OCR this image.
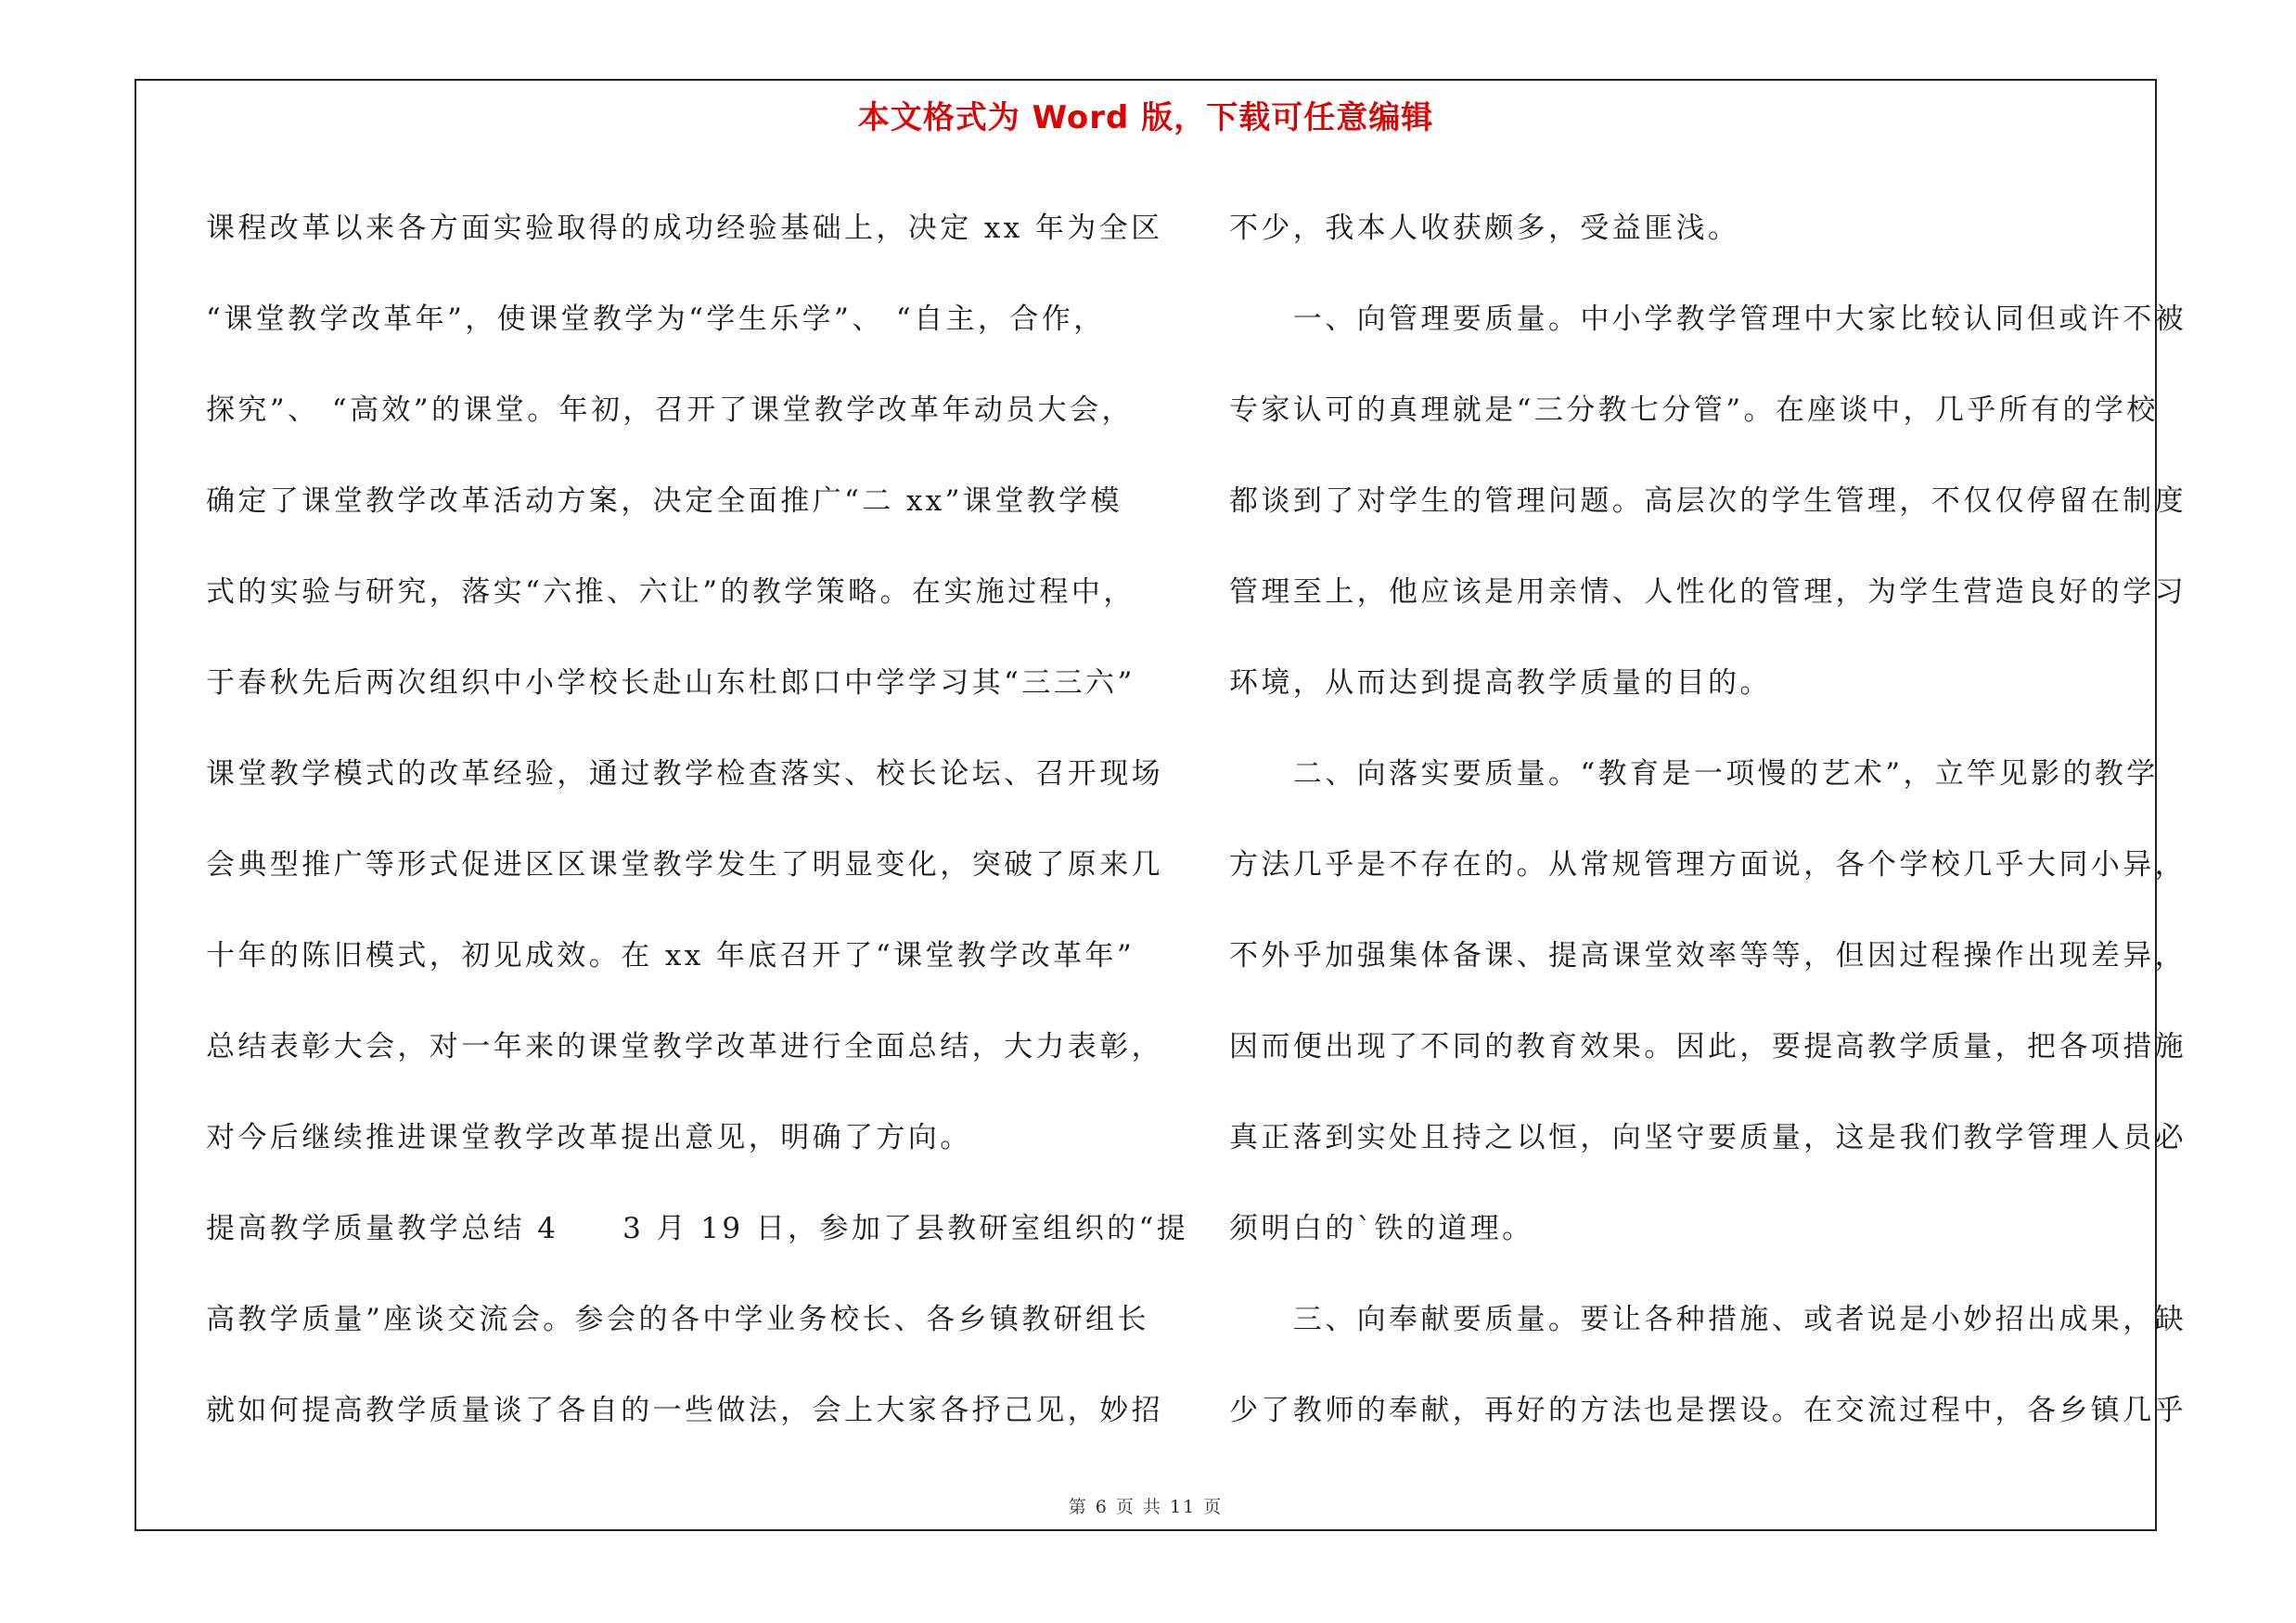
本文格式为 Word 版，下载可任意编辑
课程改革以来各方面实验取得的成功经验基础上，决定 xx 年为全区
“课堂教学改革年”，使课堂教学为“学生乐学”、 “自主，合作，
探究”、 “高效”的课堂。年初，召开了课堂教学改革年动员大会，
确定了课堂教学改革活动方案，决定全面推广“二 xx”课堂教学模
式的实验与研究，落实“六推、六让”的教学策略。在实施过程中，
于春秋先后两次组织中小学校长赴山东杜郎口中学学习其“三三六”
课堂教学模式的改革经验，通过教学检查落实、校长论坛、召开现场
会典型推广等形式促进区区课堂教学发生了明显变化，突破了原来几
十年的陈旧模式，初见成效。在 xx 年底召开了“课堂教学改革年”
总结表彰大会，对一年来的课堂教学改革进行全面总结，大力表彰，
对今后继续推进课堂教学改革提出意见，明确了方向。
提高教学质量教学总结 4　　3 月 19 日，参加了县教研室组织的“提
高教学质量”座谈交流会。参会的各中学业务校长、各乡镇教研组长
就如何提高教学质量谈了各自的一些做法，会上大家各抒己见，妙招
不少，我本人收获颇多，受益匪浅。
　　一、向管理要质量。中小学教学管理中大家比较认同但或许不被
专家认可的真理就是“三分教七分管”。在座谈中，几乎所有的学校
都谈到了对学生的管理问题。高层次的学生管理，不仅仅停留在制度
管理至上，他应该是用亲情、人性化的管理，为学生营造良好的学习
环境，从而达到提高教学质量的目的。
　　二、向落实要质量。“教育是一项慢的艺术”，立竿见影的教学
方法几乎是不存在的。从常规管理方面说，各个学校几乎大同小异，
不外乎加强集体备课、提高课堂效率等等，但因过程操作出现差异，
因而便出现了不同的教育效果。因此，要提高教学质量，把各项措施
真正落到实处且持之以恒，向坚守要质量，这是我们教学管理人员必
须明白的`铁的道理。
　　三、向奉献要质量。要让各种措施、或者说是小妙招出成果，缺
少了教师的奉献，再好的方法也是摆设。在交流过程中，各乡镇几乎
第 6 页 共 11 页
